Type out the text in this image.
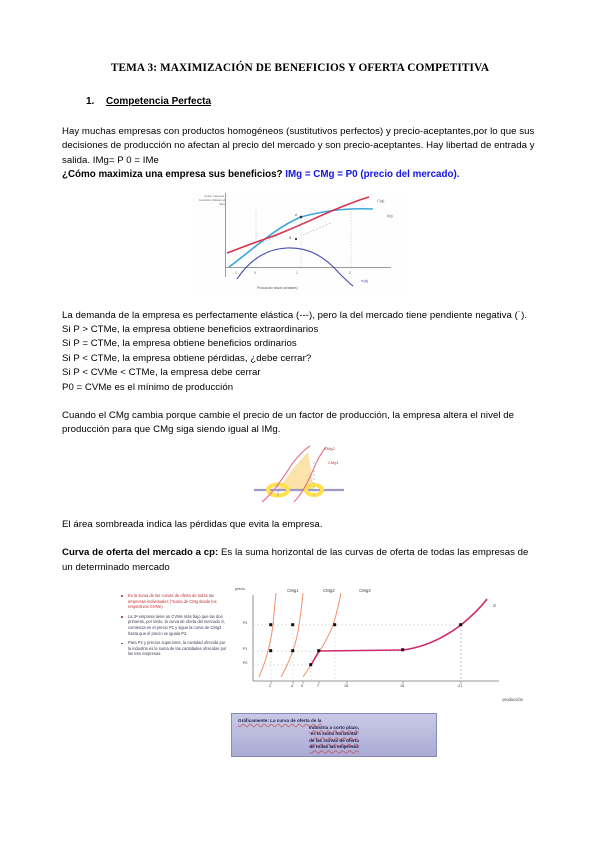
TEMA 3: MAXIMIZACIÓN DE BENEFICIOS Y OFERTA COMPETITIVA
1. Competencia Perfecta

Hay muchas empresas con productos homogéneos (sustitutivos perfectos) y precio-aceptantes,por lo que sus decisiones de producción no afectan al precio del mercado y son precio-aceptantes. Hay libertad de entrada y salida. IMg= P 0 = IMe

¿Cómo maximiza una empresa sus beneficios? IMg = CMg = P0 (precio del mercado).

Coste, ingresos, beneficio (dólares al año)
Producción anual (unidades)
C(q)
I(q)
π(q)
A
B
1	0	1	2

La demanda de la empresa es perfectamente elástica (---), pero la del mercado tiene pendiente negativa (˙).

Si P > CTMe, la empresa obtiene beneficios extraordinarios

Si P = CTMe, la empresa obtiene beneficios ordinarios

Si P < CTMe, la empresa obtiene pérdidas, ¿debe cerrar?

Si P < CVMe < CTMe, la empresa debe cerrar

P0 = CVMe es el mínimo de producción

Cuando el CMg cambia porque cambie el precio de un factor de producción, la empresa altera el nivel de producción para que CMg siga siendo igual al IMg.

CMg2
CMg1

El área sombreada indica las pérdidas que evita la empresa.

Curva de oferta del mercado a cp: Es la suma horizontal de las curvas de oferta de todas las empresas de un determinado mercado

Es la suma de las curvas de oferta de todas las empresas individuales ("suma de CMg desde los respectivos CVMe)
La 3ª empresa tiene un CVMe más bajo que las dos primeras, por tanto, la curva de oferta del mercado S, comienza en el precio P1 y sigue la curva de CMg3 hasta que el precio se iguala P2.
Para P2 y precios superiores, la cantidad ofrecida por la industria es la suma de las cantidades ofrecidas por las tres empresas.
precio
producción
CMg1	CMg2	CMg3
S
P2
P1
P0
2	4 5	7	10	15	21
Gráficamente: La curva de oferta de la
industria a corto plazo,
es la suma horizontal
de las curvas de oferta
de todas las empresas
